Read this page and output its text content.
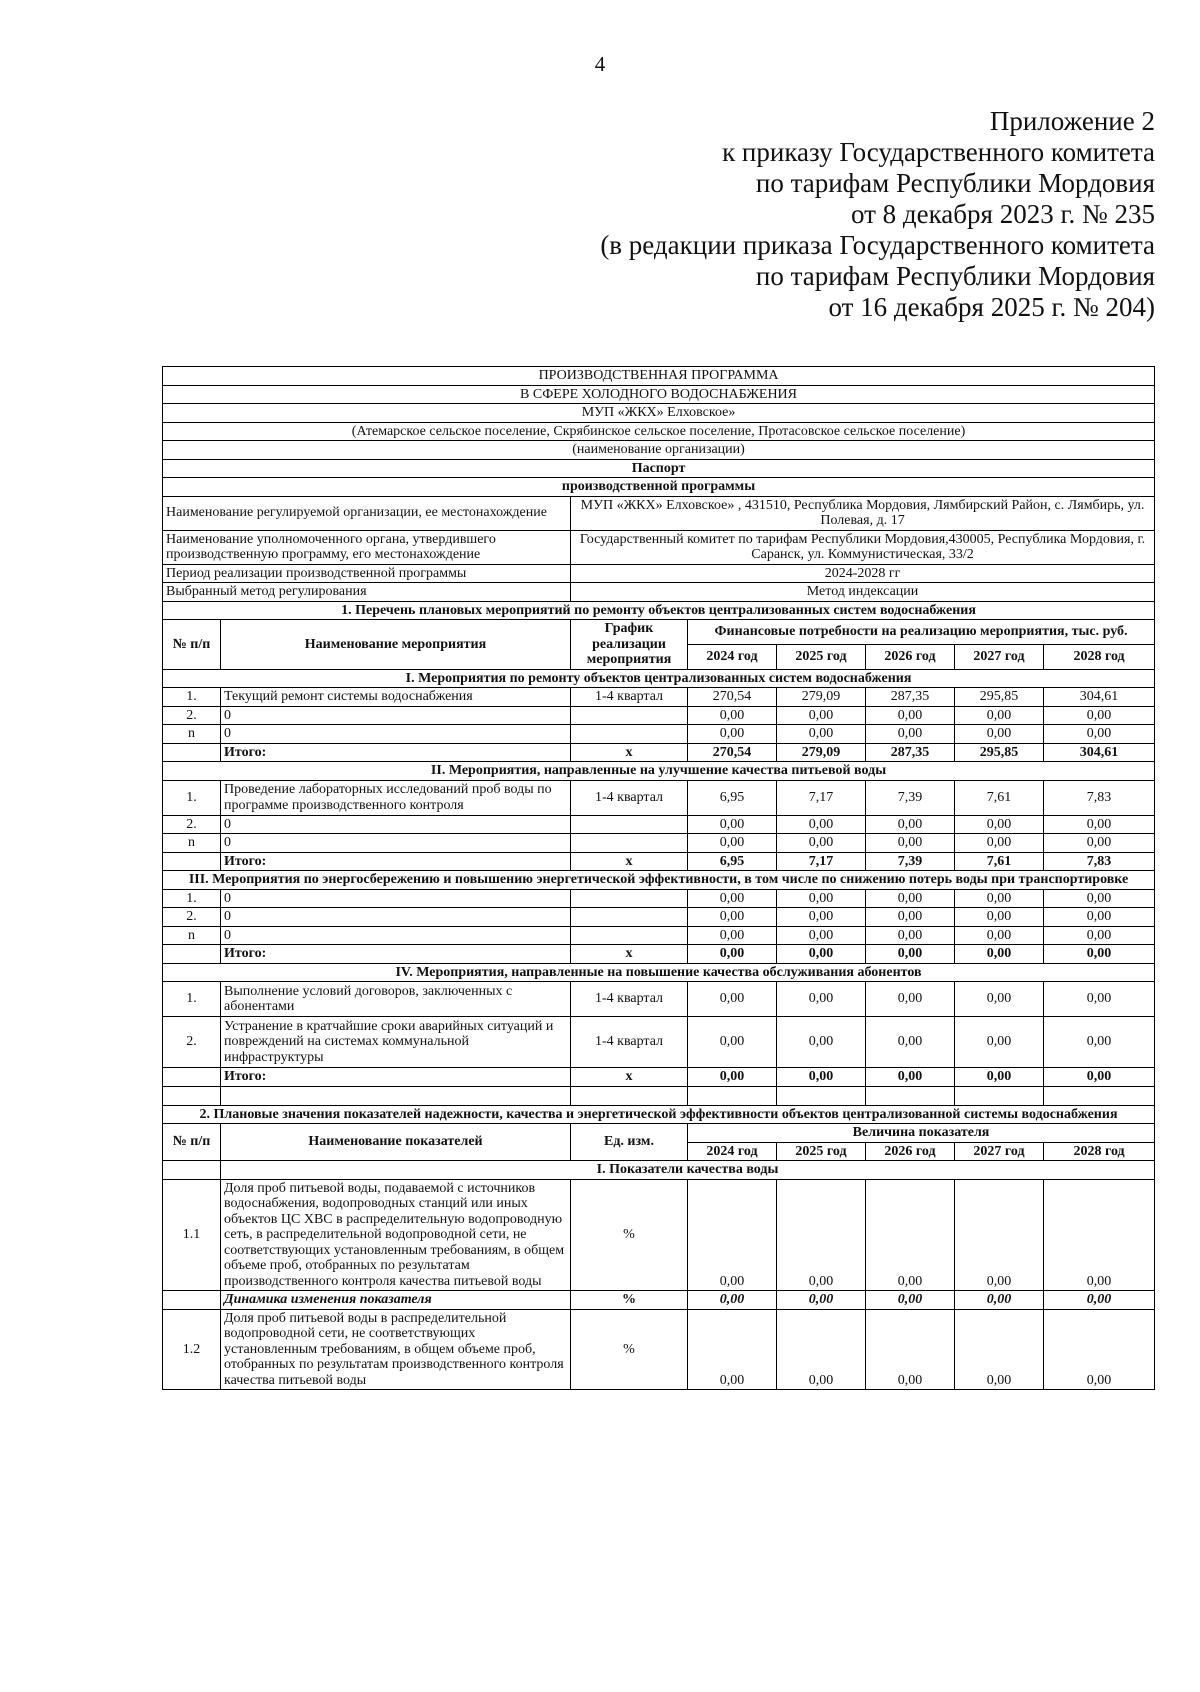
4
Приложение 2
к приказу Государственного комитета
по тарифам Республики Мордовия
от 8 декабря 2023 г. № 235
(в редакции приказа Государственного комитета
по тарифам Республики Мордовия
от 16 декабря 2025 г. № 204)
ПРОИЗВОДСТВЕННАЯ ПРОГРАММА							
В СФЕРЕ ХОЛОДНОГО ВОДОСНАБЖЕНИЯ							
МУП «ЖКХ» Елховское»							
(Атемарское сельское поселение, Скрябинское сельское поселение, Протасовское сельское поселение)							
(наименование организации)							
Паспорт							
производственной программы							
Наименование регулируемой организации, ее местонахождение		МУП «ЖКХ» Елховское» , 431510, Республика Мордовия, Лямбирский Район, с. Лямбирь, ул. Полевая, д. 17					
Наименование уполномоченного органа, утвердившего производственную программу, его местонахождение		Государственный комитет по тарифам Республики Мордовия,430005, Республика Мордовия, г. Саранск, ул. Коммунистическая, 33/2					
Период реализации производственной программы		2024-2028 гг					
Выбранный метод регулирования		Метод индексации					
1. Перечень плановых мероприятий по ремонту объектов централизованных систем водоснабжения							
№ п/п	Наименование мероприятия	График реализации мероприятия	Финансовые потребности на реализацию мероприятия, тыс. руб.				
			2024 год	2025 год	2026 год	2027 год	2028 год
I. Мероприятия по ремонту объектов централизованных систем водоснабжения							
1.	Текущий ремонт системы водоснабжения	1-4 квартал	270,54	279,09	287,35	295,85	304,61
2.	0		0,00	0,00	0,00	0,00	0,00
n	0		0,00	0,00	0,00	0,00	0,00
	Итого:	х	270,54	279,09	287,35	295,85	304,61
II. Мероприятия, направленные на улучшение качества питьевой воды							
1.	Проведение лабораторных исследований проб воды по программе производственного контроля	1-4 квартал	6,95	7,17	7,39	7,61	7,83
2.	0		0,00	0,00	0,00	0,00	0,00
n	0		0,00	0,00	0,00	0,00	0,00
	Итого:	х	6,95	7,17	7,39	7,61	7,83
III. Мероприятия по энергосбережению и повышению энергетической эффективности, в том числе по снижению потерь воды при транспортировке							
1.	0		0,00	0,00	0,00	0,00	0,00
2.	0		0,00	0,00	0,00	0,00	0,00
n	0		0,00	0,00	0,00	0,00	0,00
	Итого:	х	0,00	0,00	0,00	0,00	0,00
IV. Мероприятия, направленные на повышение качества обслуживания абонентов							
1.	Выполнение условий договоров, заключенных с абонентами	1-4 квартал	0,00	0,00	0,00	0,00	0,00
2.	Устранение в кратчайшие сроки аварийных ситуаций и повреждений на системах коммунальной инфраструктуры	1-4 квартал	0,00	0,00	0,00	0,00	0,00
	Итого:	х	0,00	0,00	0,00	0,00	0,00

2. Плановые значения показателей надежности, качества и энергетической эффективности объектов централизованной системы водоснабжения							
№ п/п	Наименование показателей	Ед. изм.	Величина показателя				
			2024 год	2025 год	2026 год	2027 год	2028 год
	I. Показатели качества воды						
1.1	Доля проб питьевой воды, подаваемой с источников водоснабжения, водопроводных станций или иных объектов ЦС ХВС в распределительную водопроводную сеть, в распределительной водопроводной сети, не соответствующих установленным требованиям, в общем объеме проб, отобранных по результатам производственного контроля качества питьевой воды	%	0,00	0,00	0,00	0,00	0,00
	Динамика изменения показателя	%	0,00	0,00	0,00	0,00	0,00
1.2	Доля проб питьевой воды в распределительной водопроводной сети, не соответствующих установленным требованиям, в общем объеме проб, отобранных по результатам производственного контроля качества питьевой воды	%	0,00	0,00	0,00	0,00	0,00
